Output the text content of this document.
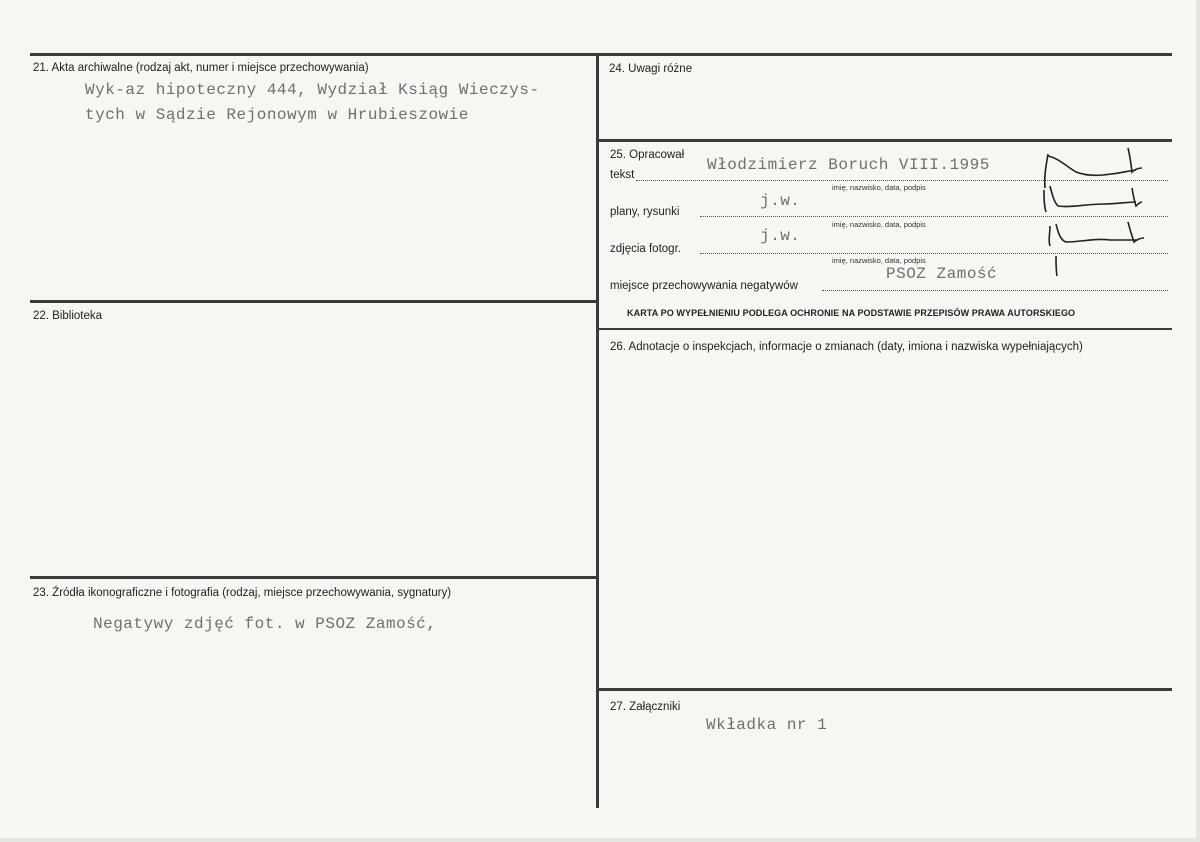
21. Akta archiwalne (rodzaj akt, numer i miejsce przechowywania)
Wyk-az hipoteczny 444, Wydział Ksiąg Wieczys-
tych w Sądzie Rejonowym w Hrubieszowie
22. Biblioteka
23. Źródła ikonograficzne i fotografia (rodzaj, miejsce przechowywania, sygnatury)
Negatywy zdjęć fot. w PSOZ Zamość,
24. Uwagi różne
25. Opracował
tekst
Włodzimierz Boruch VIII.1995
imię, nazwisko, data, podpis
plany, rysunki
j.w.
imię, nazwisko, data, podpis
zdjęcia fotogr.
j.w.
imię, nazwisko, data, podpis
miejsce przechowywania negatywów
PSOZ Zamość
KARTA PO WYPEŁNIENIU PODLEGA OCHRONIE NA PODSTAWIE PRZEPISÓW PRAWA AUTORSKIEGO
26. Adnotacje o inspekcjach, informacje o zmianach (daty, imiona i nazwiska wypełniających)
27. Załączniki
Wkładka nr 1
